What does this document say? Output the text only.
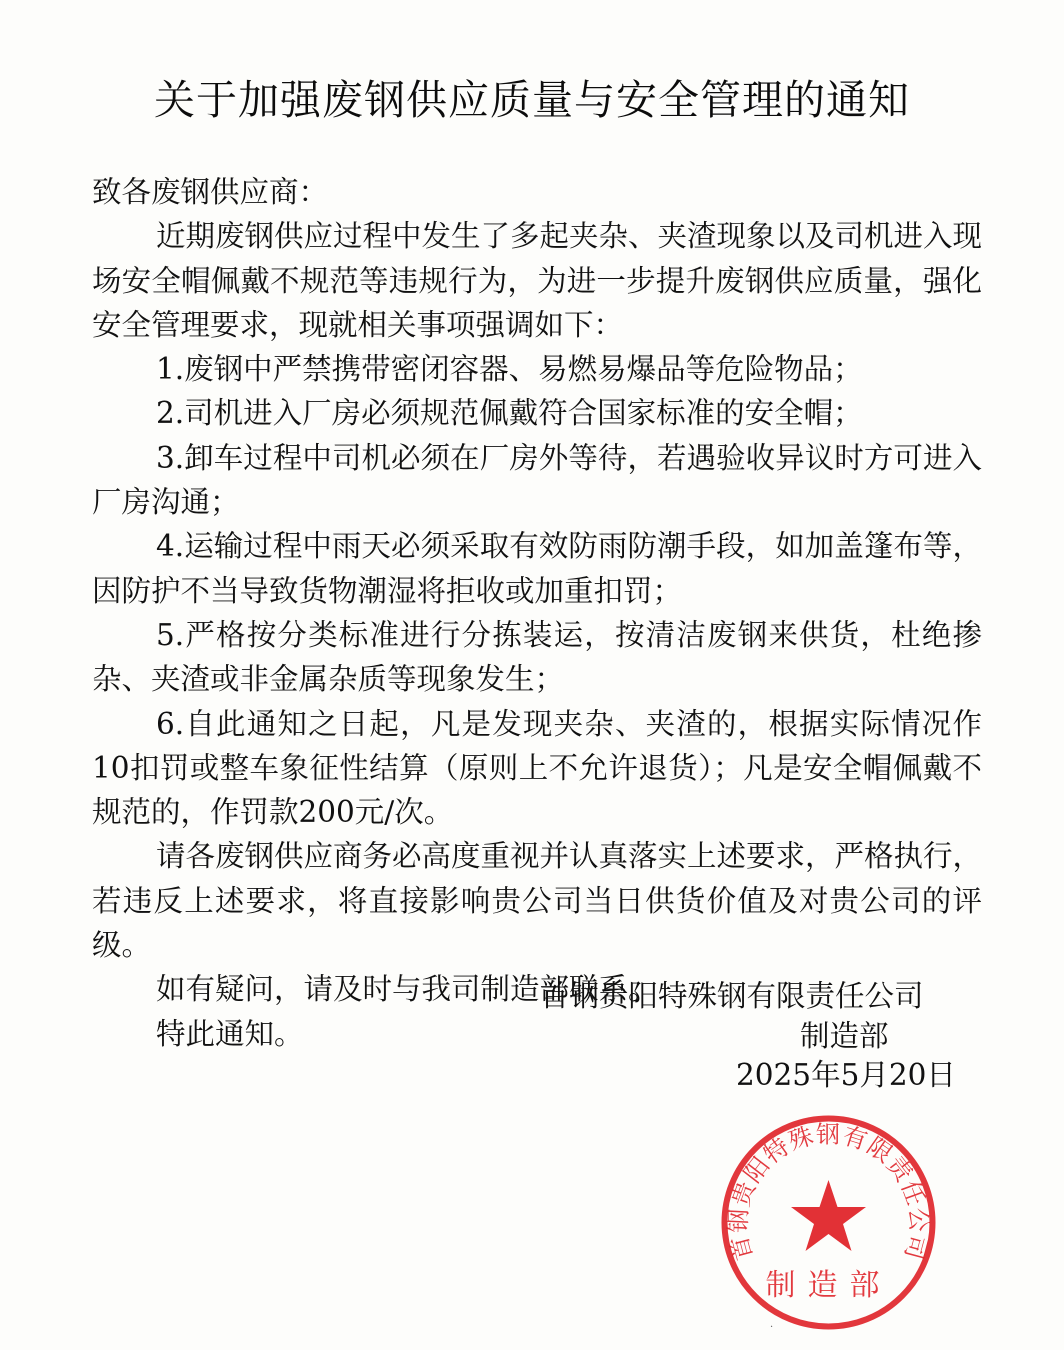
关于加强废钢供应质量与安全管理的通知

致各废钢供应商：

近期废钢供应过程中发生了多起夹杂、夹渣现象以及司机进入现场安全帽佩戴不规范等违规行为，为进一步提升废钢供应质量，强化安全管理要求，现就相关事项强调如下：

1.废钢中严禁携带密闭容器、易燃易爆品等危险物品；

2.司机进入厂房必须规范佩戴符合国家标准的安全帽；

3.卸车过程中司机必须在厂房外等待，若遇验收异议时方可进入厂房沟通；

4.运输过程中雨天必须采取有效防雨防潮手段，如加盖篷布等，因防护不当导致货物潮湿将拒收或加重扣罚；

5.严格按分类标准进行分拣装运，按清洁废钢来供货，杜绝掺杂、夹渣或非金属杂质等现象发生；

6.自此通知之日起，凡是发现夹杂、夹渣的，根据实际情况作10扣罚或整车象征性结算（原则上不允许退货）；凡是安全帽佩戴不规范的，作罚款200元/次。

请各废钢供应商务必高度重视并认真落实上述要求，严格执行，若违反上述要求，将直接影响贵公司当日供货价值及对贵公司的评级。

如有疑问，请及时与我司制造部联系。

特此通知。

首钢贵阳特殊钢有限责任公司
制造部
2025年5月20日
首钢贵阳特殊钢有限责任公司
制造部
·
